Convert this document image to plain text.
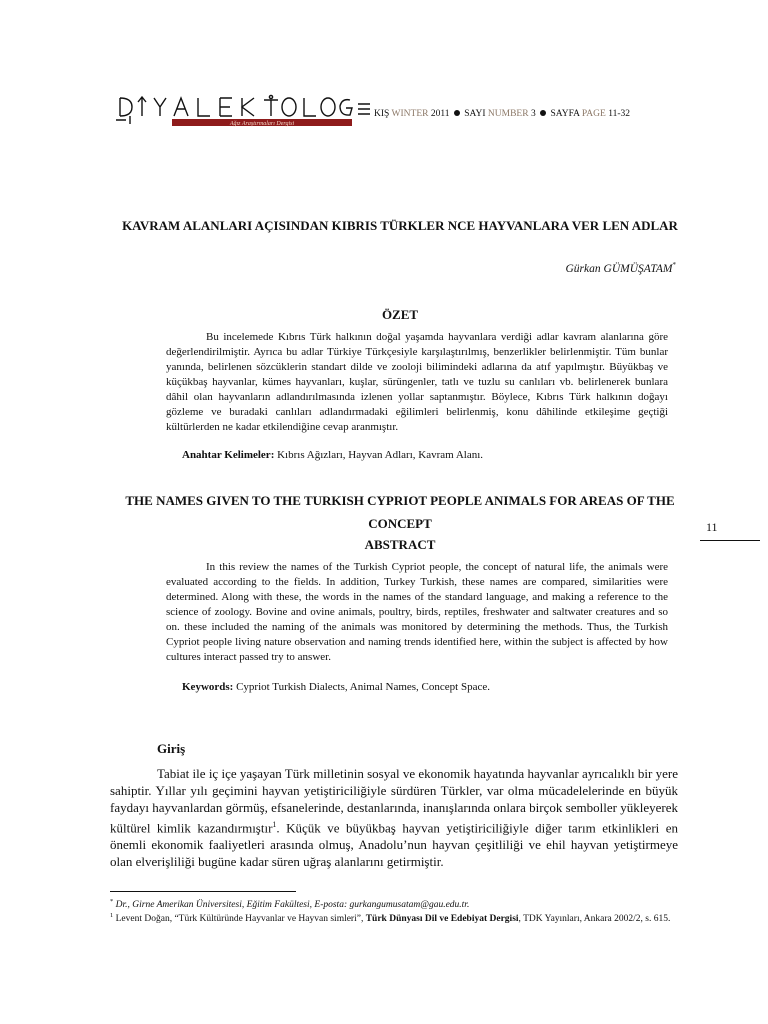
Ağız Araştırmaları Dergisi
KIŞ WINTER 2011 SAYI NUMBER 3 SAYFA PAGE 11-32
KAVRAM ALANLARI AÇISINDAN KIBRIS TÜRKLER NCE HAYVANLARA VER LEN ADLAR
Gürkan GÜMÜŞATAM*
ÖZET

Bu incelemede Kıbrıs Türk halkının doğal yaşamda hayvanlara verdiği adlar kavram alanlarına göre değerlendirilmiştir. Ayrıca bu adlar Türkiye Türkçesiyle karşılaştırılmış, benzerlikler belirlenmiştir. Tüm bunlar yanında, belirlenen sözcüklerin standart dilde ve zooloji bilimindeki adlarına da atıf yapılmıştır. Büyükbaş ve küçükbaş hayvanlar, kümes hayvanları, kuşlar, sürüngenler, tatlı ve tuzlu su canlıları vb. belirlenerek bunlara dâhil olan hayvanların adlandırılmasında izlenen yollar saptanmıştır. Böylece, Kıbrıs Türk halkının doğayı gözleme ve buradaki canlıları adlandırmadaki eğilimleri belirlenmiş, konu dâhilinde etkileşime geçtiği kültürlerden ne kadar etkilendiğine cevap aranmıştır.

Anahtar Kelimeler: Kıbrıs Ağızları, Hayvan Adları, Kavram Alanı.

THE NAMES GIVEN TO THE TURKISH CYPRIOT PEOPLE ANIMALS FOR AREAS OF THE CONCEPT
ABSTRACT

In this review the names of the Turkish Cypriot people, the concept of natural life, the animals were evaluated according to the fields. In addition, Turkey Turkish, these names are compared, similarities were determined. Along with these, the words in the names of the standard language, and making a reference to the science of zoology. Bovine and ovine animals, poultry, birds, reptiles, freshwater and saltwater creatures and so on. these included the naming of the animals was monitored by determining the methods. Thus, the Turkish Cypriot people living nature observation and naming trends identified here, within the subject is affected by how cultures interact passed try to answer.

Keywords: Cypriot Turkish Dialects, Animal Names, Concept Space.

11
Giriş

Tabiat ile iç içe yaşayan Türk milletinin sosyal ve ekonomik hayatında hayvanlar ayrıcalıklı bir yere sahiptir. Yıllar yılı geçimini hayvan yetiştiriciliğiyle sürdüren Türkler, var olma mücadelelerinde en büyük faydayı hayvanlardan görmüş, efsanelerinde, destanlarında, inanışlarında onlara birçok semboller yükleyerek kültürel kimlik kazandırmıştır$^1$. Küçük ve büyükbaş hayvan yetiştiriciliğiyle diğer tarım etkinlikleri en önemli ekonomik faaliyetleri arasında olmuş, Anadolu’nun hayvan çeşitliliği ve ehil hayvan yetiştirmeye olan elverişliliği bugüne kadar süren uğraş alanlarını getirmiştir.

* Dr., Girne Amerikan Üniversitesi, Eğitim Fakültesi, E-posta: gurkangumusatam@gau.edu.tr.

$^1$ Levent Doğan, “Türk Kültüründe Hayvanlar ve Hayvan simleri”, Türk Dünyası Dil ve Edebiyat Dergisi, TDK Yayınları, Ankara 2002/2, s. 615.
